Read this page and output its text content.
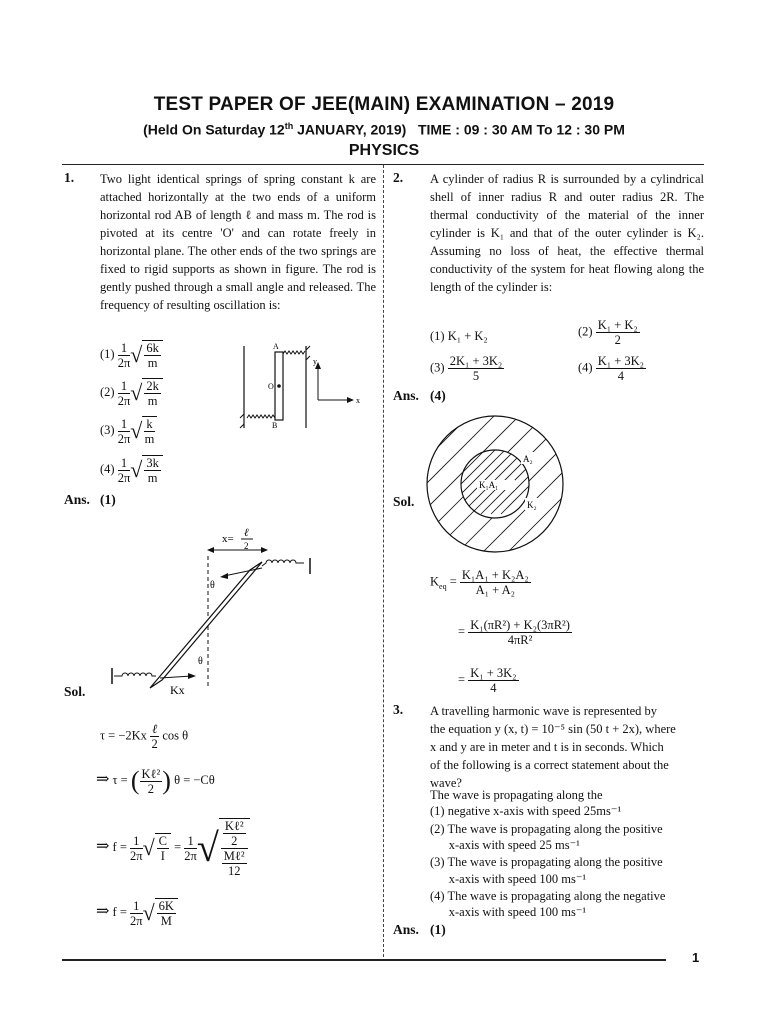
TEST PAPER OF JEE(MAIN) EXAMINATION – 2019
(Held On Saturday 12th JANUARY, 2019)   TIME : 09 : 30 AM To 12 : 30 PM
PHYSICS
1. Two light identical springs of spring constant k are attached horizontally at the two ends of a uniform horizontal rod AB of length ℓ and mass m. The rod is pivoted at its centre 'O' and can rotate freely in horizontal plane. The other ends of the two springs are fixed to rigid supports as shown in figure. The rod is gently pushed through a small angle and released. The frequency of resulting oscillation is:
$(1) \frac{1}{2\pi}$ √ $\frac{6k}{m}$
$(2) \frac{1}{2\pi}$ √ $\frac{2k}{m}$
$(3) \frac{1}{2\pi}$ √ $\frac{k}{m}$
$(4) \frac{1}{2\pi}$ √ $\frac{3k}{m}$
A
O
B
y
x
Ans. (1)
x= ℓ
2
θ
θ
Kx
Sol.
$\tau = -2Kx \frac{\text{ℓ}}{2}$ cos θ
⇒ τ = ( $\frac{\text{Kℓ²}}{2}$ ) θ = −Cθ
⇒ $f = \frac{1}{2\pi}$ √ $\frac{C}{I} = \frac{1}{2\pi}$ √ $\frac{\frac{\text{Kℓ²}}{2}}{\frac{\text{Mℓ²}}{12}}$
⇒ $f = \frac{1}{2\pi}$ √ $\frac{6K}{M}$
2. A cylinder of radius R is surrounded by a cylindrical shell of inner radius R and outer radius 2R. The thermal conductivity of the material of the inner cylinder is K₁ and that of the outer cylinder is K₂. Assuming no loss of heat, the effective thermal conductivity of the system for heat flowing along the length of the cylinder is:
(1) K₁ + K₂	$(2) \frac{\text{K₁ + K₂}}{2}$
$(3) \frac{\text{2K₁ + 3K₂}}{5}$	$(4) \frac{\text{K₁ + 3K₂}}{4}$
Ans. (4)
K₁A₁
A₂
K₂
Sol.
$K_{eq} = \frac{\text{K₁A₁ + K₂A₂}}{\text{A₁ + A₂}}$
= $\frac{\text{K₁(πR²) + K₂(3πR²)}}{\text{4πR²}}$
= $\frac{\text{K₁ + 3K₂}}{4}$
3. A travelling harmonic wave is represented by
the equation y (x, t) = 10⁻⁵ sin (50 t + 2x), where
x and y are in meter and t is in seconds. Which
of the following is a correct statement about the
wave?
The wave is propagating along the
(1) negative x-axis with speed 25ms⁻¹
(2) The wave is propagating along the positive
x-axis with speed 25 ms⁻¹
(3) The wave is propagating along the positive
x-axis with speed 100 ms⁻¹
(4) The wave is propagating along the negative
x-axis with speed 100 ms⁻¹
Ans. (1)
1
